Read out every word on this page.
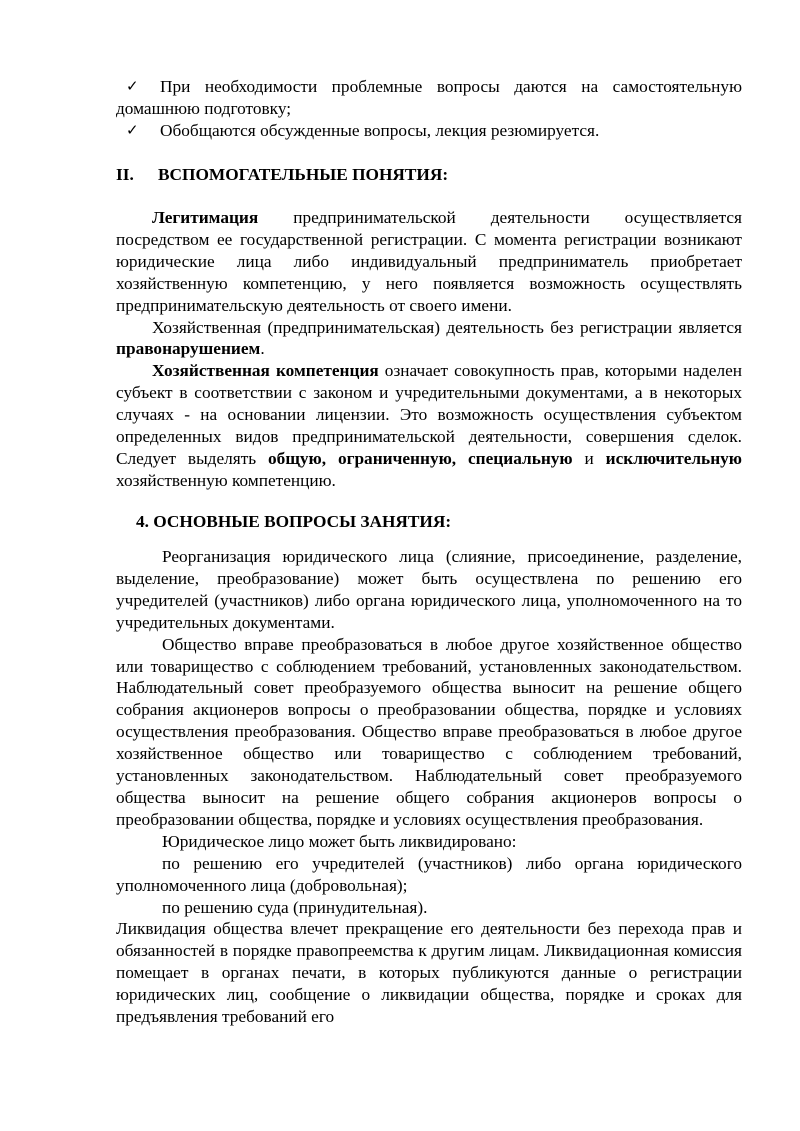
✓ При необходимости проблемные вопросы даются на самостоятельную домашнюю подготовку;
✓ Обобщаются обсужденные вопросы, лекция резюмируется.
II. ВСПОМОГАТЕЛЬНЫЕ ПОНЯТИЯ:

Легитимация предпринимательской деятельности осуществляется посредством ее государственной регистрации. С момента регистрации возникают юридические лица либо индивидуальный предприниматель приобретает хозяйственную компетенцию, у него появляется возможность осуществлять предпринимательскую деятельность от своего имени.

Хозяйственная (предпринимательская) деятельность без регистрации является правонарушением.

Хозяйственная компетенция означает совокупность прав, которыми наделен субъект в соответствии с законом и учредительными документами, а в некоторых случаях - на основании лицензии. Это возможность осуществления субъектом определенных видов предпринимательской деятельности, совершения сделок. Следует выделять общую, ограниченную, специальную и исключительную хозяйственную компетенцию.

4. ОСНОВНЫЕ ВОПРОСЫ ЗАНЯТИЯ:

Реорганизация юридического лица (слияние, присоединение, разделение, выделение, преобразование) может быть осуществлена по решению его учредителей (участников) либо органа юридического лица, уполномоченного на то учредительных документами.

Общество вправе преобразоваться в любое другое хозяйственное общество или товарищество с соблюдением требований, установленных законодательством. Наблюдательный совет преобразуемого общества выносит на решение общего собрания акционеров вопросы о преобразовании общества, порядке и условиях осуществления преобразования. Общество вправе преобразоваться в любое другое хозяйственное общество или товарищество с соблюдением требований, установленных законодательством. Наблюдательный совет преобразуемого общества выносит на решение общего собрания акционеров вопросы о преобразовании общества, порядке и условиях осуществления преобразования.

Юридическое лицо может быть ликвидировано:

по решению его учредителей (участников) либо органа юридического уполномоченного лица (добровольная);

по решению суда (принудительная).

Ликвидация общества влечет прекращение его деятельности без перехода прав и обязанностей в порядке правопреемства к другим лицам. Ликвидационная комиссия помещает в органах печати, в которых публикуются данные о регистрации юридических лиц, сообщение о ликвидации общества, порядке и сроках для предъявления требований его
